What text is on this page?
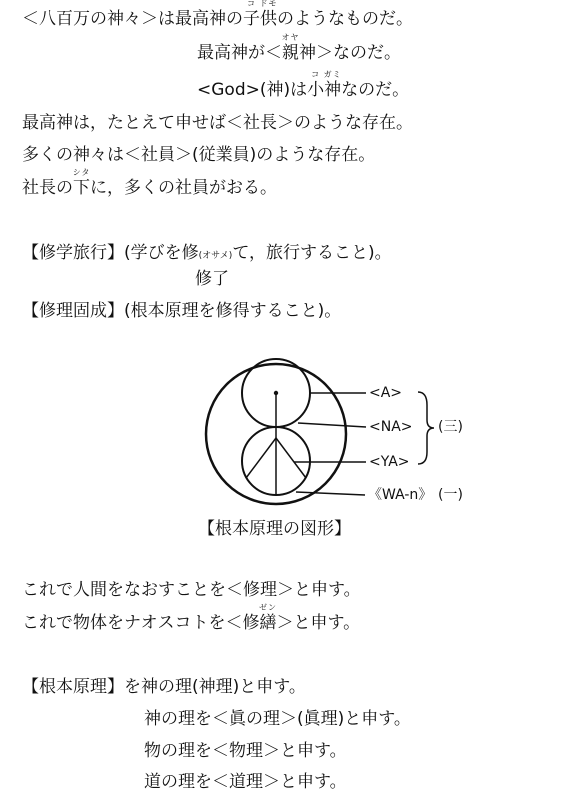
＜八百万の神々＞は最高神の子
コ
供
ドモ
のようなものだ。
最高神が＜親
オヤ
神＞なのだ。
<God>(神)は小
コ
神
ガミ
なのだ。
最高神は，たとえて申せば＜社長＞のような存在。
多くの神々は＜社員＞(従業員)のような存在。
社長の下
シタ
に，多くの社員がおる。
【修学旅行】(学びを修(オサメ)て，旅行すること)。
修了
【修理固成】(根本原理を修得すること)。
<A>
<NA>
<YA>
(三)
《WA-n》 (一)
【根本原理の図形】
これで人間をなおすことを＜修理＞と申す。
これで物体をナオスコトを＜修繕
ゼン
＞と申す。
【根本原理】を神の理(神理)と申す。
神の理を＜眞の理＞(眞理)と申す。
物の理を＜物理＞と申す。
道の理を＜道理＞と申す。
